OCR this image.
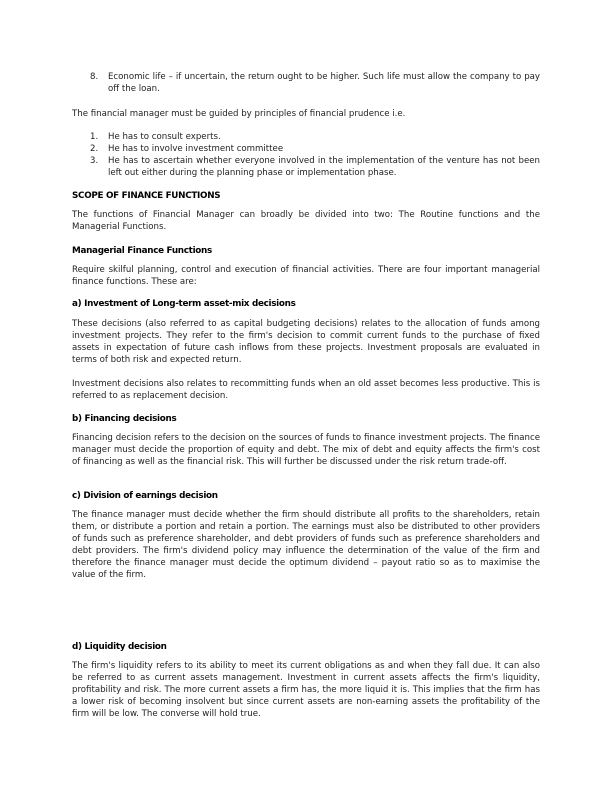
8. Economic life – if uncertain, the return ought to be higher. Such life must allow the company to pay off the loan.

The financial manager must be guided by principles of financial prudence i.e.

1. He has to consult experts.
2. He has to involve investment committee
3. He has to ascertain whether everyone involved in the implementation of the venture has not been left out either during the planning phase or implementation phase.
SCOPE OF FINANCE FUNCTIONS

The functions of Financial Manager can broadly be divided into two: The Routine functions and the Managerial Functions.

Managerial Finance Functions

Require skilful planning, control and execution of financial activities. There are four important managerial finance functions. These are:

a) Investment of Long-term asset-mix decisions

These decisions (also referred to as capital budgeting decisions) relates to the allocation of funds among investment projects. They refer to the firm's decision to commit current funds to the purchase of fixed assets in expectation of future cash inflows from these projects. Investment proposals are evaluated in terms of both risk and expected return.

Investment decisions also relates to recommitting funds when an old asset becomes less productive. This is referred to as replacement decision.

b) Financing decisions

Financing decision refers to the decision on the sources of funds to finance investment projects. The finance manager must decide the proportion of equity and debt. The mix of debt and equity affects the firm's cost of financing as well as the financial risk. This will further be discussed under the risk return trade-off.

c) Division of earnings decision

The finance manager must decide whether the firm should distribute all profits to the shareholders, retain them, or distribute a portion and retain a portion. The earnings must also be distributed to other providers of funds such as preference shareholder, and debt providers of funds such as preference shareholders and debt providers. The firm's dividend policy may influence the determination of the value of the firm and therefore the finance manager must decide the optimum dividend – payout ratio so as to maximise the value of the firm.

d) Liquidity decision

The firm's liquidity refers to its ability to meet its current obligations as and when they fall due. It can also be referred to as current assets management. Investment in current assets affects the firm's liquidity, profitability and risk. The more current assets a firm has, the more liquid it is. This implies that the firm has a lower risk of becoming insolvent but since current assets are non-earning assets the profitability of the firm will be low. The converse will hold true.
